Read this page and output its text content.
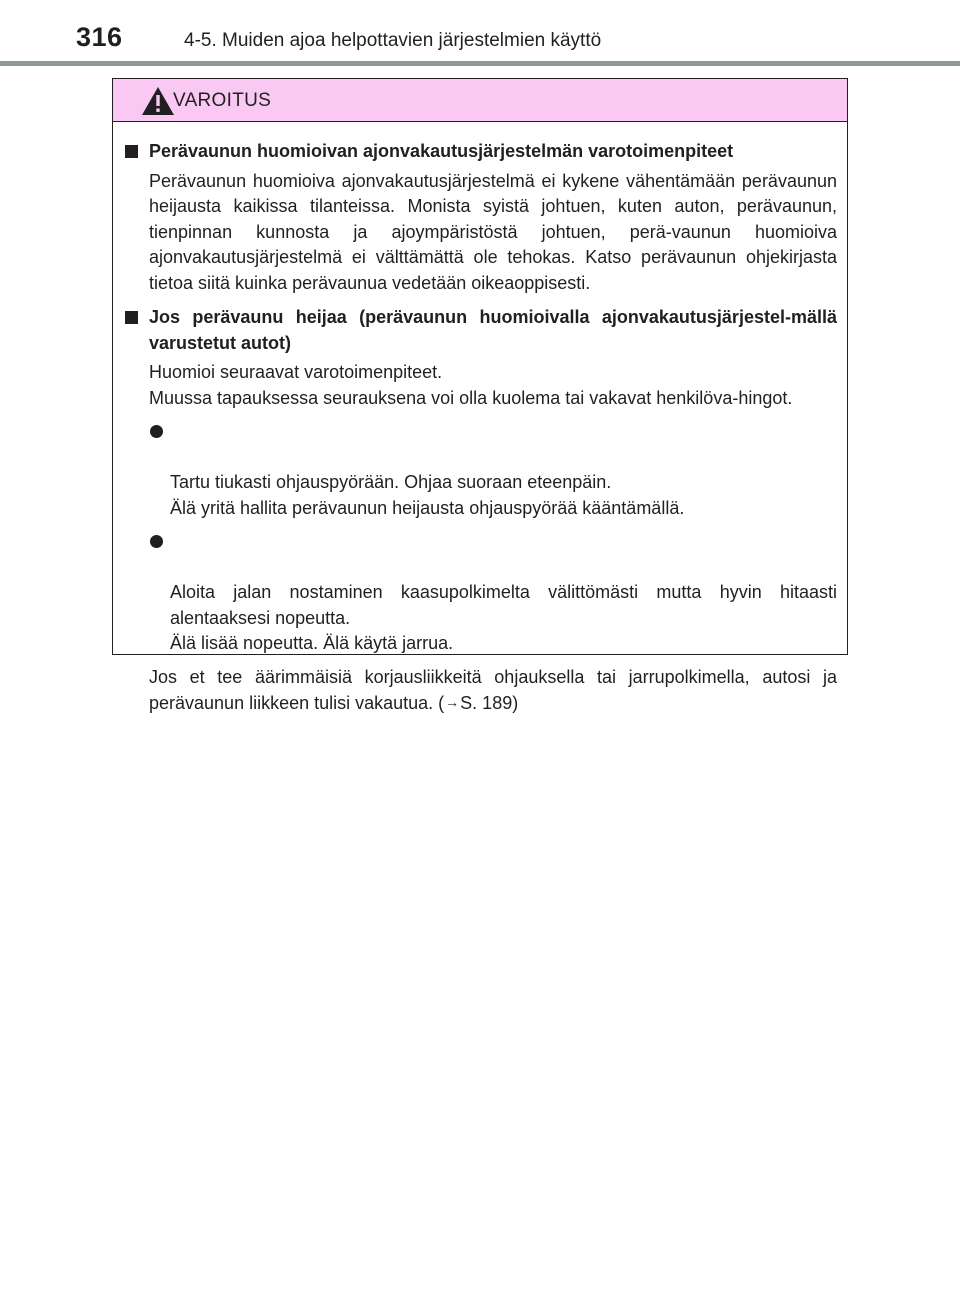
316	4-5. Muiden ajoa helpottavien järjestelmien käyttö
VAROITUS
Perävaunun huomioivan ajonvakautusjärjestelmän varotoimenpiteet
Perävaunun huomioiva ajonvakautusjärjestelmä ei kykene vähentämään perävaunun heijausta kaikissa tilanteissa. Monista syistä johtuen, kuten auton, perävaunun, tienpinnan kunnosta ja ajoympäristöstä johtuen, perä-vaunun huomioiva ajonvakautusjärjestelmä ei välttämättä ole tehokas. Katso perävaunun ohjekirjasta tietoa siitä kuinka perävaunua vedetään oikeaoppisesti.
Jos perävaunu heijaa (perävaunun huomioivalla ajonvakautusjärjestel-mällä varustetut autot)
Huomioi seuraavat varotoimenpiteet.
Muussa tapauksessa seurauksena voi olla kuolema tai vakavat henkilöva-hingot.

Tartu tiukasti ohjauspyörään. Ohjaa suoraan eteenpäin.
Älä yritä hallita perävaunun heijausta ohjauspyörää kääntämällä.

Aloita jalan nostaminen kaasupolkimelta välittömästi mutta hyvin hitaasti alentaaksesi nopeutta.
Älä lisää nopeutta. Älä käytä jarrua.

Jos et tee äärimmäisiä korjausliikkeitä ohjauksella tai jarrupolkimella, autosi ja perävaunun liikkeen tulisi vakautua. (→S. 189)
